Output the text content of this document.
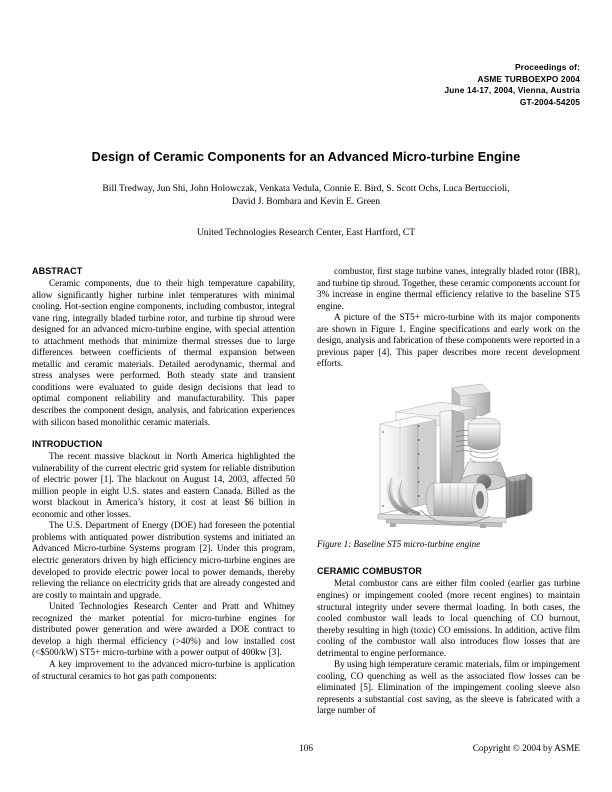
Proceedings of:
ASME TURBOEXPO 2004
June 14-17, 2004, Vienna, Austria
GT-2004-54205
Design of Ceramic Components for an Advanced Micro-turbine Engine
Bill Tredway, Jun Shi, John Holowczak, Venkata Vedula, Connie E. Bird, S. Scott Ochs, Luca Bertuccioli,
David J. Bombara and Kevin E. Green
United Technologies Research Center, East Hartford, CT
ABSTRACT

Ceramic components, due to their high temperature capability, allow significantly higher turbine inlet temperatures with minimal cooling. Hot-section engine components, including combustor, integral vane ring, integrally bladed turbine rotor, and turbine tip shroud were designed for an advanced micro-turbine engine, with special attention to attachment methods that minimize thermal stresses due to large differences between coefficients of thermal expansion between metallic and ceramic materials. Detailed aerodynamic, thermal and stress analyses were performed. Both steady state and transient conditions were evaluated to guide design decisions that lead to optimal component reliability and manufacturability. This paper describes the component design, analysis, and fabrication experiences with silicon based monolithic ceramic materials.

INTRODUCTION

The recent massive blackout in North America highlighted the vulnerability of the current electric grid system for reliable distribution of electric power [1]. The blackout on August 14, 2003, affected 50 million people in eight U.S. states and eastern Canada. Billed as the worst blackout in America’s history, it cost at least $6 billion in economic and other losses.

The U.S. Department of Energy (DOE) had foreseen the potential problems with antiquated power distribution systems and initiated an Advanced Micro-turbine Systems program [2]. Under this program, electric generators driven by high efficiency micro-turbine engines are developed to provide electric power local to power demands, thereby relieving the reliance on electricity grids that are already congested and are costly to maintain and upgrade.

United Technologies Research Center and Pratt and Whitney recognized the market potential for micro-turbine engines for distributed power generation and were awarded a DOE contract to develop a high thermal efficiency (>40%) and low installed cost (<$500/kW) ST5+ micro-turbine with a power output of 400kw [3].

A key improvement to the advanced micro-turbine is application of structural ceramics to hot gas path components:

combustor, first stage turbine vanes, integrally bladed rotor (IBR), and turbine tip shroud. Together, these ceramic components account for 3% increase in engine thermal efficiency relative to the baseline ST5 engine.

A picture of the ST5+ micro-turbine with its major components are shown in Figure 1. Engine specifications and early work on the design, analysis and fabrication of these components were reported in a previous paper [4]. This paper describes more recent development efforts.

Figure 1: Baseline ST5 micro-turbine engine
CERAMIC COMBUSTOR

Metal combustor cans are either film cooled (earlier gas turbine engines) or impingement cooled (more recent engines) to maintain structural integrity under severe thermal loading. In both cases, the cooled combustor wall leads to local quenching of CO burnout, thereby resulting in high (toxic) CO emissions. In addition, active film cooling of the combustor wall also introduces flow losses that are detrimental to engine performance.

By using high temperature ceramic materials, film or impingement cooling, CO quenching as well as the associated flow losses can be eliminated [5]. Elimination of the impingement cooling sleeve also represents a substantial cost saving, as the sleeve is fabricated with a large number of

106	Copyright © 2004 by ASME
